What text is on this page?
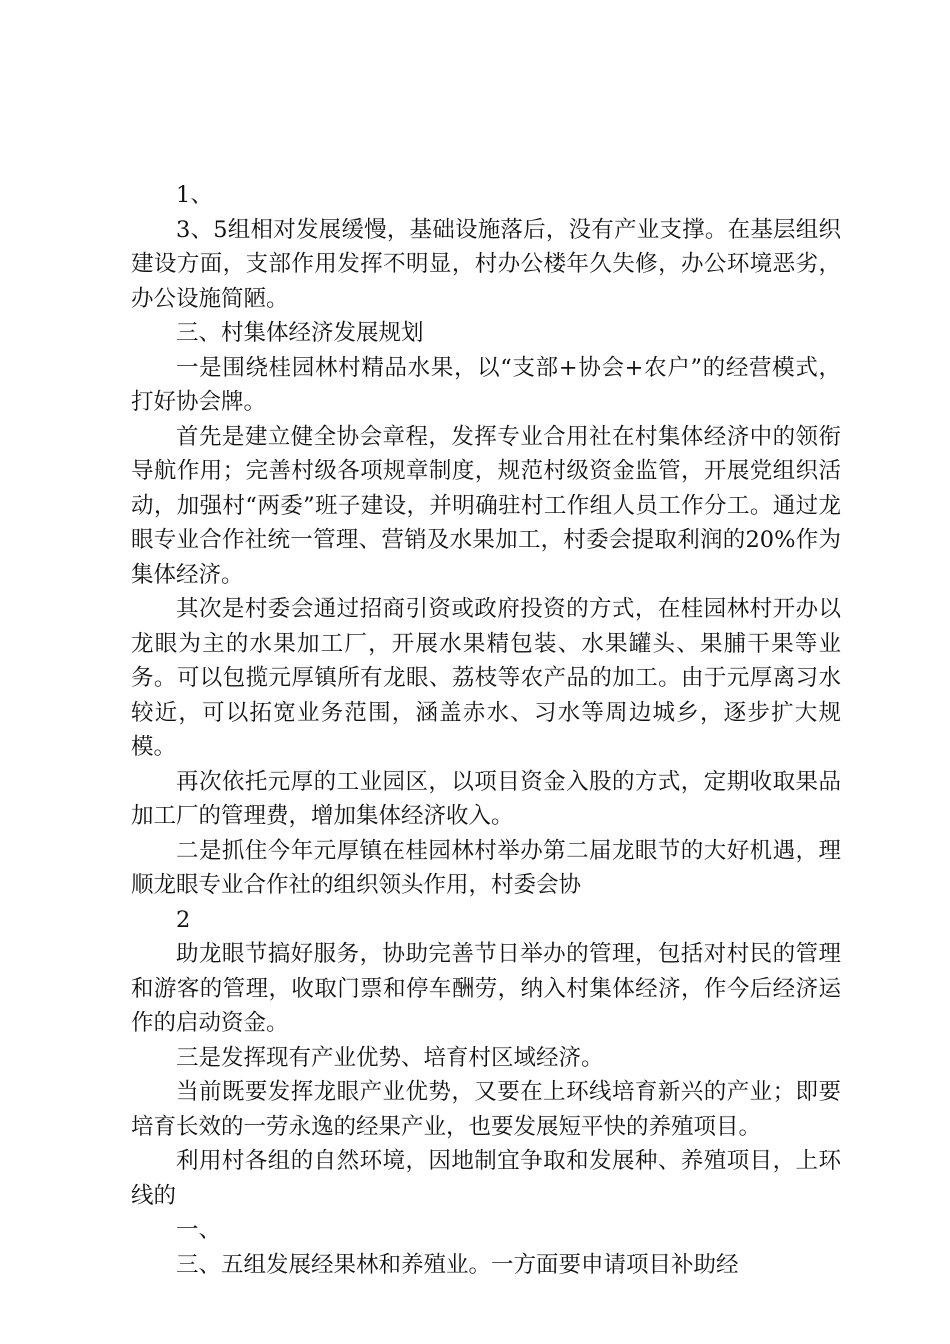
1、

3、5组相对发展缓慢，基础设施落后，没有产业支撑。在基层组织建设方面，支部作用发挥不明显，村办公楼年久失修，办公环境恶劣，办公设施简陋。

三、村集体经济发展规划

一是围绕桂园林村精品水果，以“支部+协会+农户”的经营模式，打好协会牌。

首先是建立健全协会章程，发挥专业合用社在村集体经济中的领衔导航作用；完善村级各项规章制度，规范村级资金监管，开展党组织活动，加强村“两委”班子建设，并明确驻村工作组人员工作分工。通过龙眼专业合作社统一管理、营销及水果加工，村委会提取利润的20%作为集体经济。

其次是村委会通过招商引资或政府投资的方式，在桂园林村开办以龙眼为主的水果加工厂，开展水果精包装、水果罐头、果脯干果等业务。可以包揽元厚镇所有龙眼、荔枝等农产品的加工。由于元厚离习水较近，可以拓宽业务范围，涵盖赤水、习水等周边城乡，逐步扩大规模。

再次依托元厚的工业园区，以项目资金入股的方式，定期收取果品加工厂的管理费，增加集体经济收入。

二是抓住今年元厚镇在桂园林村举办第二届龙眼节的大好机遇，理顺龙眼专业合作社的组织领头作用，村委会协

2

助龙眼节搞好服务，协助完善节日举办的管理，包括对村民的管理和游客的管理，收取门票和停车酬劳，纳入村集体经济，作今后经济运作的启动资金。

三是发挥现有产业优势、培育村区域经济。

当前既要发挥龙眼产业优势，又要在上环线培育新兴的产业；即要培育长效的一劳永逸的经果产业，也要发展短平快的养殖项目。

利用村各组的自然环境，因地制宜争取和发展种、养殖项目，上环线的

一、

三、五组发展经果林和养殖业。一方面要申请项目补助经
